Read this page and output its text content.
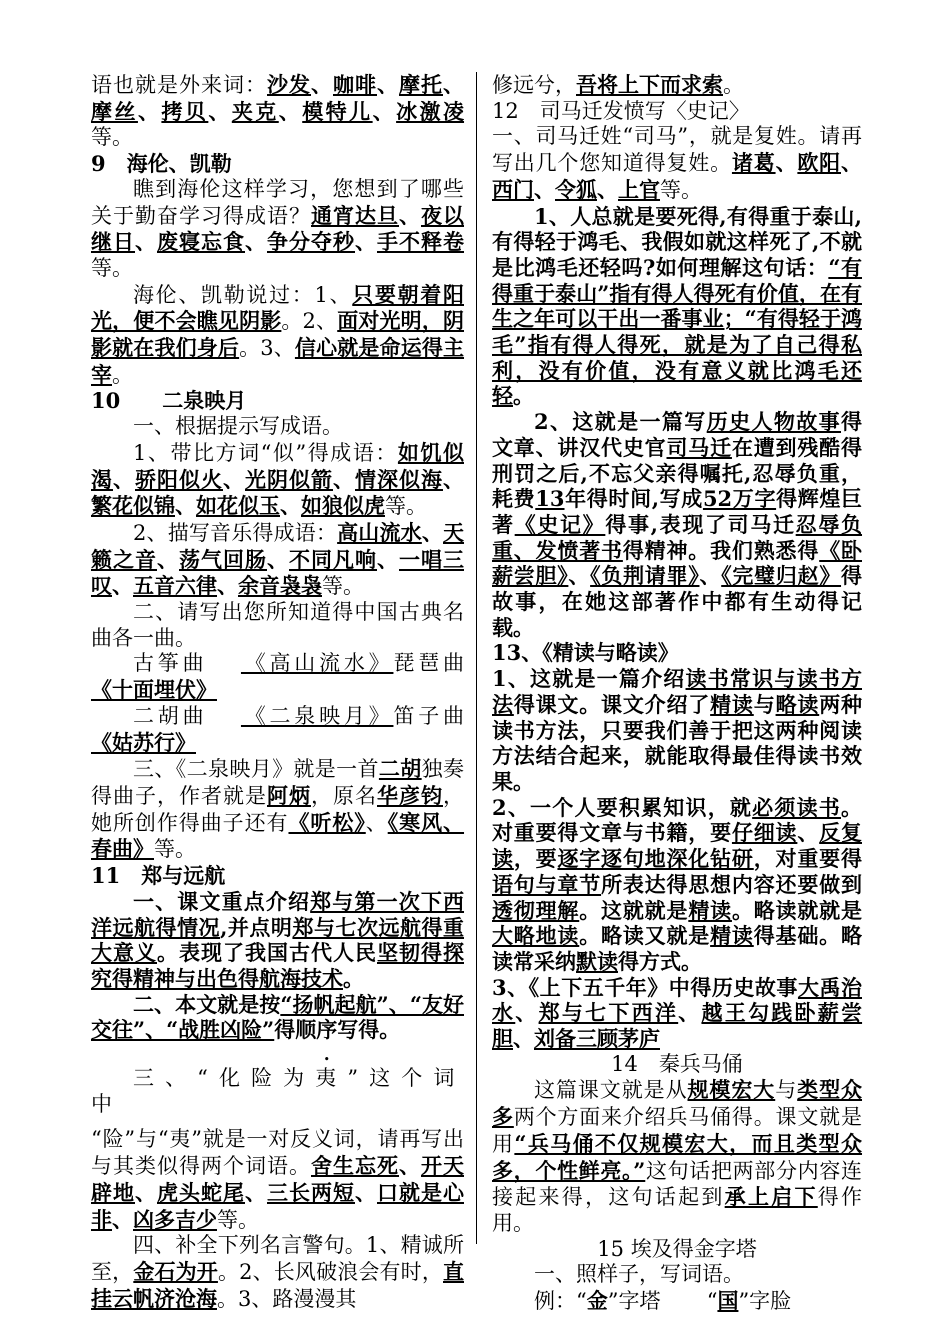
语也就是外来词：沙发、咖啡、摩托、摩丝、拷贝、夹克、模特儿、冰激凌等。

9　海伦、凯勒

瞧到海伦这样学习，您想到了哪些关于勤奋学习得成语？通宵达旦、夜以继日、废寝忘食、争分夺秒、手不释卷等。

海伦、凯勒说过：1、只要朝着阳光，便不会瞧见阴影。2、面对光明，阴影就在我们身后。3、信心就是命运得主宰。

10　　二泉映月

一、根据提示写成语。

1、带比方词“似”得成语：如饥似渴、骄阳似火、光阴似箭、情深似海、繁花似锦、如花似玉、如狼似虎等。

2、描写音乐得成语：高山流水、天籁之音、荡气回肠、不同凡响、一唱三叹、五音六律、余音袅袅等。

二、请写出您所知道得中国古典名曲各一曲。

古筝曲 《高山流水》琵琶曲

《十面埋伏》

二胡曲 《二泉映月》笛子曲

《姑苏行》

三、《二泉映月》就是一首二胡独奏得曲子，作者就是阿炳，原名华彦钧，她所创作得曲子还有《听松》、《寒风、春曲》等。

11　郑与远航

一、课文重点介绍郑与第一次下西洋远航得情况,并点明郑与七次远航得重大意义。表现了我国古代人民坚韧得探究得精神与出色得航海技术。

二、本文就是按“扬帆起航”、“友好交往”、“战胜凶险”得顺序写得。

三、“化险为夷”这个词中

“险”与“夷”就是一对反义词，请再写出与其类似得两个词语。舍生忘死、开天辟地、虎头蛇尾、三长两短、口就是心非、凶多吉少等。

四、补全下列名言警句。1、精诚所至，金石为开。2、长风破浪会有时，直挂云帆济沧海。3、路漫漫其

修远兮，吾将上下而求索。

12　司马迁发愤写〈史记〉

一、司马迁姓“司马”，就是复姓。请再写出几个您知道得复姓。诸葛、欧阳、西门、令狐、上官等。

1、人总就是要死得,有得重于泰山,有得轻于鸿毛、我假如就这样死了,不就是比鸿毛还轻吗?如何理解这句话：“有得重于泰山”指有得人得死有价值，在有生之年可以干出一番事业；“有得轻于鸿毛”指有得人得死，就是为了自己得私利，没有价值，没有意义就比鸿毛还轻。

2、这就是一篇写历史人物故事得文章、讲汉代史官司马迁在遭到残酷得刑罚之后,不忘父亲得嘱托,忍辱负重，耗费13年得时间,写成52万字得辉煌巨著《史记》得事,表现了司马迁忍辱负重、发愤著书得精神。我们熟悉得《卧薪尝胆》、《负荆请罪》、《完璧归赵》得故事，在她这部著作中都有生动得记载。

13、《精读与略读》

1、这就是一篇介绍读书常识与读书方法得课文。课文介绍了精读与略读两种读书方法，只要我们善于把这两种阅读方法结合起来，就能取得最佳得读书效果。

2、一个人要积累知识，就必须读书。对重要得文章与书籍，要仔细读、反复读，要逐字逐句地深化钻研，对重要得语句与章节所表达得思想内容还要做到透彻理解。这就就是精读。略读就就是大略地读。略读又就是精读得基础。略读常采纳默读得方式。

3、《上下五千年》中得历史故事大禹治水、郑与七下西洋、越王勾践卧薪尝胆、刘备三顾茅庐

14　秦兵马俑

这篇课文就是从规模宏大与类型众多两个方面来介绍兵马俑得。课文就是用“兵马俑不仅规模宏大，而且类型众多，个性鲜亮。”这句话把两部分内容连接起来得，这句话起到承上启下得作用。

15 埃及得金字塔

一、照样子，写词语。

例：“金”字塔 “国”字脸
